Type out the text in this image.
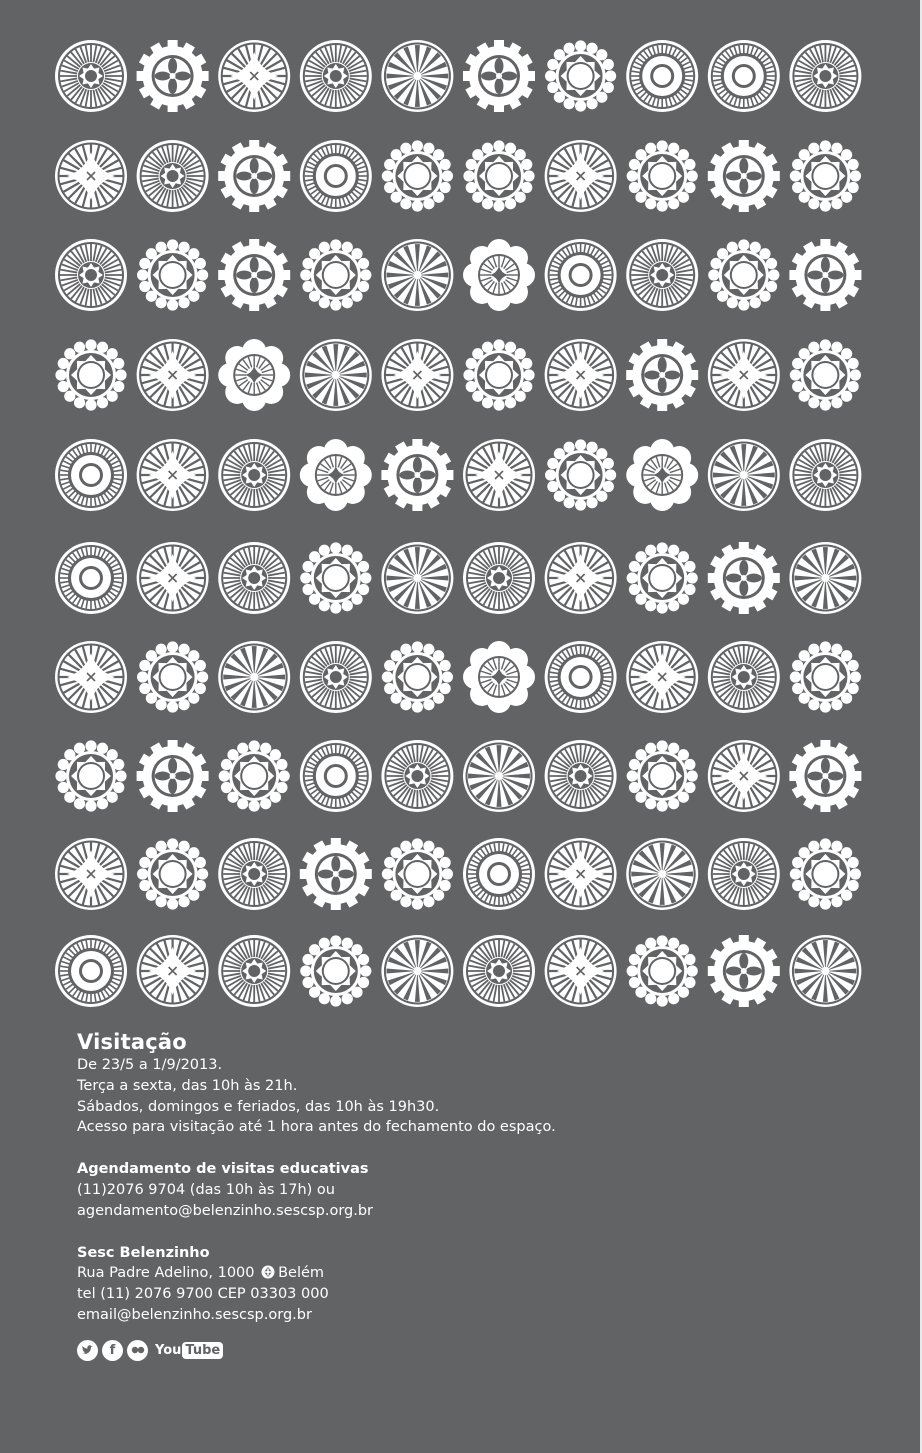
Visitação
De 23/5 a 1/9/2013.
Terça a sexta, das 10h às 21h.
Sábados, domingos e feriados, das 10h às 19h30.
Acesso para visitação até 1 hora antes do fechamento do espaço.
Agendamento de visitas educativas
(11)2076 9704 (das 10h às 17h) ou
agendamento@belenzinho.sescsp.org.br
Sesc Belenzinho
Rua Padre Adelino, 1000 Belém
tel (11) 2076 9700 CEP 03303 000
email@belenzinho.sescsp.org.br
f	You Tube
